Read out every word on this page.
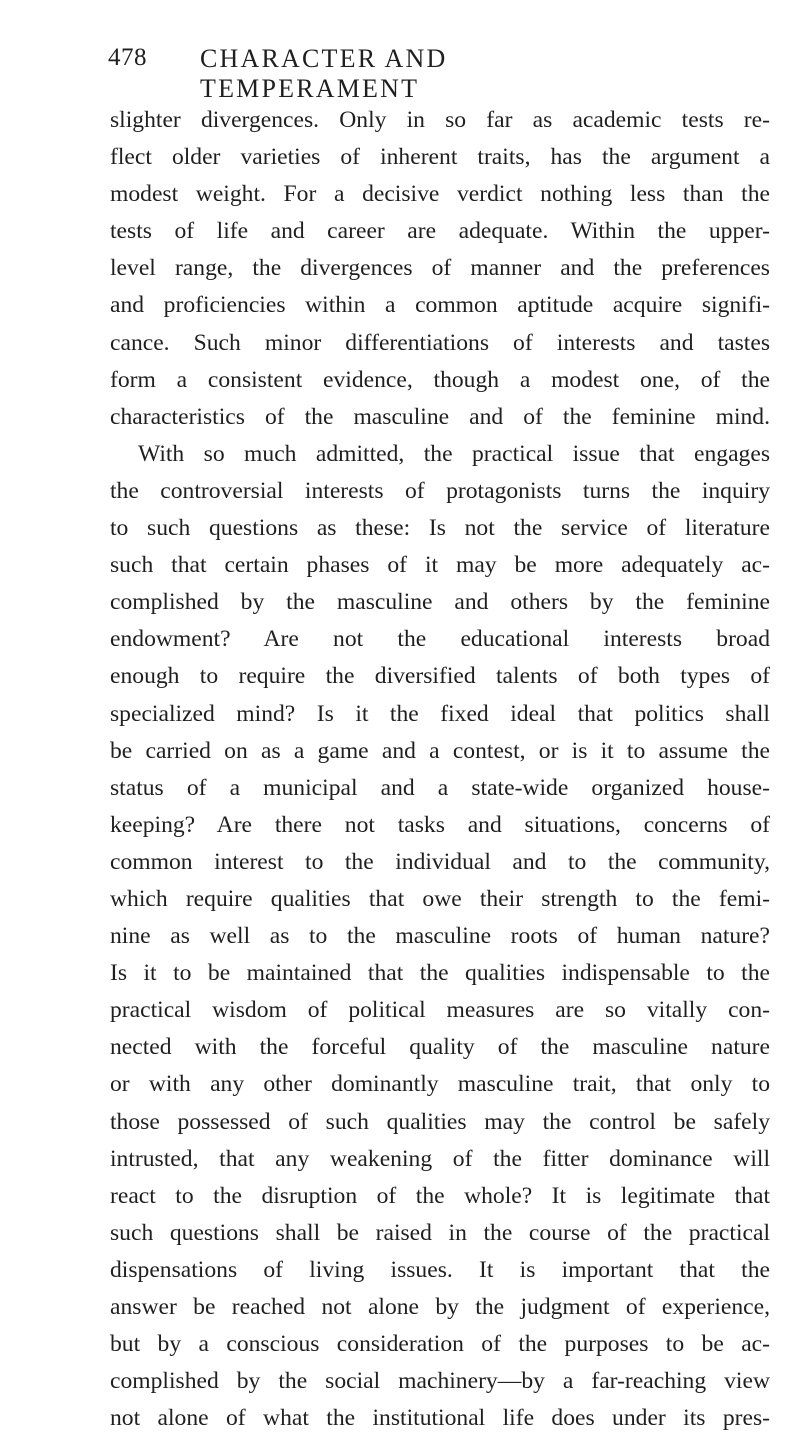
478 CHARACTER AND TEMPERAMENT
slighter divergences. Only in so far as academic tests re-
flect older varieties of inherent traits, has the argument a
modest weight. For a decisive verdict nothing less than the
tests of life and career are adequate. Within the upper-
level range, the divergences of manner and the preferences
and proficiencies within a common aptitude acquire signifi-
cance. Such minor differentiations of interests and tastes
form a consistent evidence, though a modest one, of the
characteristics of the masculine and of the feminine mind.
With so much admitted, the practical issue that engages
the controversial interests of protagonists turns the inquiry
to such questions as these: Is not the service of literature
such that certain phases of it may be more adequately ac-
complished by the masculine and others by the feminine
endowment? Are not the educational interests broad
enough to require the diversified talents of both types of
specialized mind? Is it the fixed ideal that politics shall
be carried on as a game and a contest, or is it to assume the
status of a municipal and a state-wide organized house-
keeping? Are there not tasks and situations, concerns of
common interest to the individual and to the community,
which require qualities that owe their strength to the femi-
nine as well as to the masculine roots of human nature?
Is it to be maintained that the qualities indispensable to the
practical wisdom of political measures are so vitally con-
nected with the forceful quality of the masculine nature
or with any other dominantly masculine trait, that only to
those possessed of such qualities may the control be safely
intrusted, that any weakening of the fitter dominance will
react to the disruption of the whole? It is legitimate that
such questions shall be raised in the course of the practical
dispensations of living issues. It is important that the
answer be reached not alone by the judgment of experience,
but by a conscious consideration of the purposes to be ac-
complished by the social machinery—by a far-reaching view
not alone of what the institutional life does under its pres-
